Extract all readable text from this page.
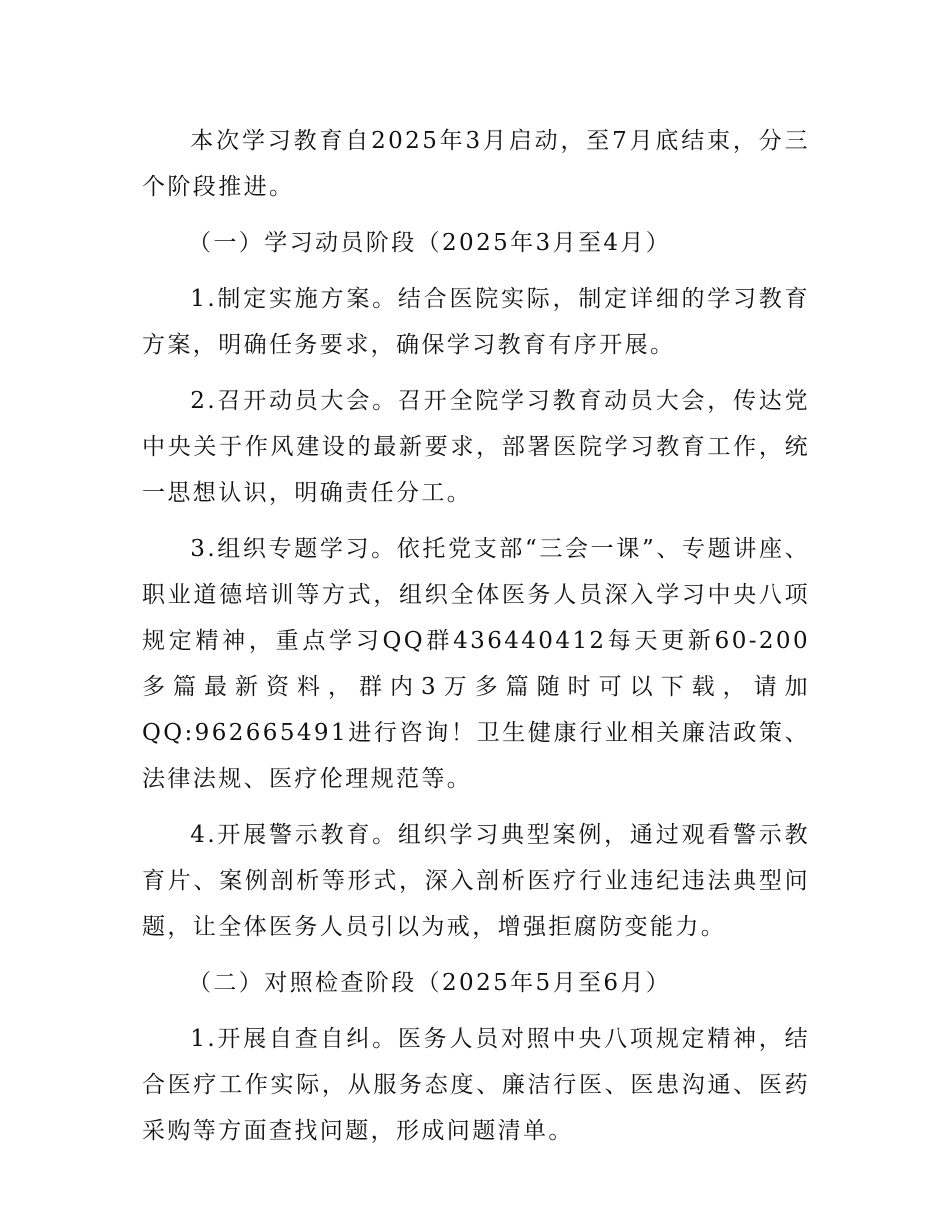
本次学习教育自2025年3月启动，至7月底结束，分三个阶段推进。

（一）学习动员阶段（2025年3月至4月）

1.制定实施方案。结合医院实际，制定详细的学习教育方案，明确任务要求，确保学习教育有序开展。

2.召开动员大会。召开全院学习教育动员大会，传达党中央关于作风建设的最新要求，部署医院学习教育工作，统一思想认识，明确责任分工。

3.组织专题学习。依托党支部“三会一课”、专题讲座、职业道德培训等方式，组织全体医务人员深入学习中央八项规定精神，重点学习QQ群436440412每天更新60-200多篇最新资料，群内3万多篇随时可以下载，请加QQ:962665491进行咨询！卫生健康行业相关廉洁政策、法律法规、医疗伦理规范等。

4.开展警示教育。组织学习典型案例，通过观看警示教育片、案例剖析等形式，深入剖析医疗行业违纪违法典型问题，让全体医务人员引以为戒，增强拒腐防变能力。

（二）对照检查阶段（2025年5月至6月）

1.开展自查自纠。医务人员对照中央八项规定精神，结合医疗工作实际，从服务态度、廉洁行医、医患沟通、医药采购等方面查找问题，形成问题清单。
